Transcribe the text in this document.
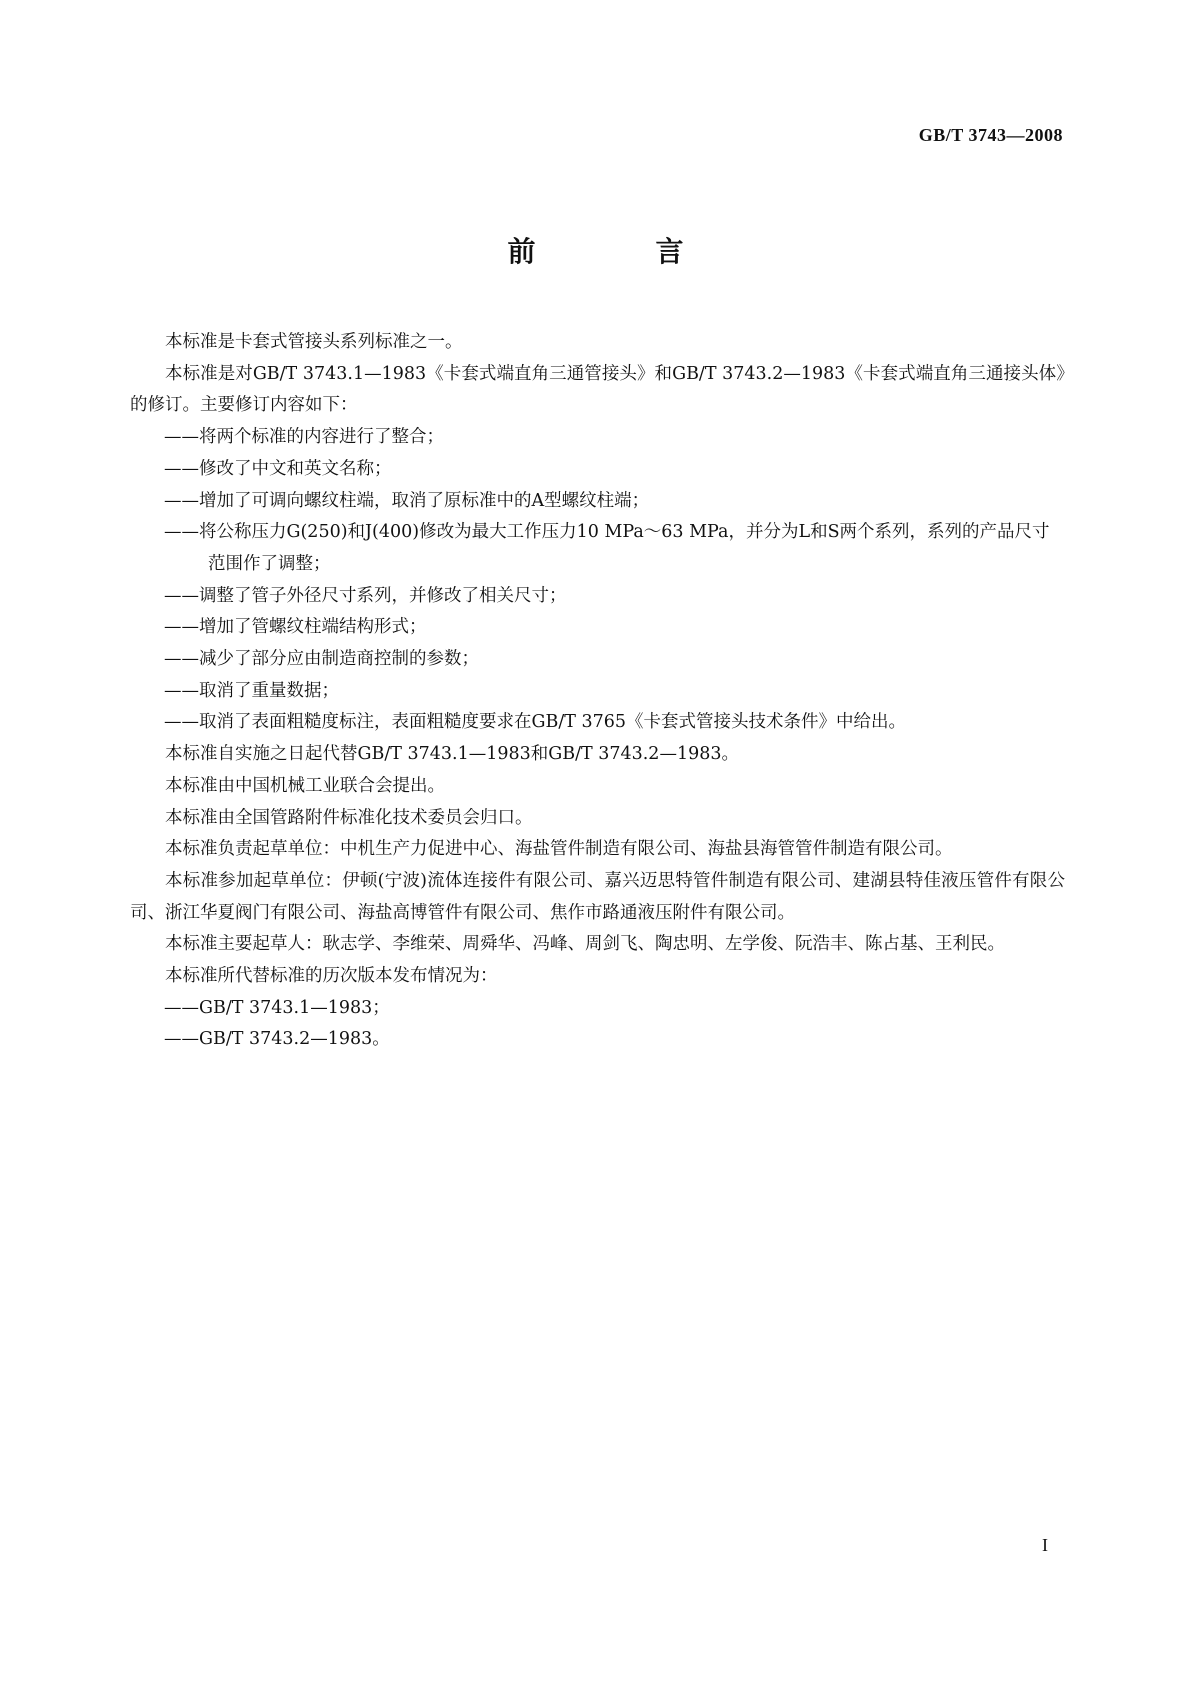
GB/T 3743—2008
前　言

本标准是卡套式管接头系列标准之一。

本标准是对GB/T 3743.1—1983《卡套式端直角三通管接头》和GB/T 3743.2—1983《卡套式端直角三通接头体》的修订。主要修订内容如下：

——将两个标准的内容进行了整合；

——修改了中文和英文名称；

——增加了可调向螺纹柱端，取消了原标准中的A型螺纹柱端；

——将公称压力G(250)和J(400)修改为最大工作压力10 MPa～63 MPa，并分为L和S两个系列，系列的产品尺寸范围作了调整；

——调整了管子外径尺寸系列，并修改了相关尺寸；

——增加了管螺纹柱端结构形式；

——减少了部分应由制造商控制的参数；

——取消了重量数据；

——取消了表面粗糙度标注，表面粗糙度要求在GB/T 3765《卡套式管接头技术条件》中给出。

本标准自实施之日起代替GB/T 3743.1—1983和GB/T 3743.2—1983。

本标准由中国机械工业联合会提出。

本标准由全国管路附件标准化技术委员会归口。

本标准负责起草单位：中机生产力促进中心、海盐管件制造有限公司、海盐县海管管件制造有限公司。

本标准参加起草单位：伊顿(宁波)流体连接件有限公司、嘉兴迈思特管件制造有限公司、建湖县特佳液压管件有限公司、浙江华夏阀门有限公司、海盐高博管件有限公司、焦作市路通液压附件有限公司。

本标准主要起草人：耿志学、李维荣、周舜华、冯峰、周剑飞、陶忠明、左学俊、阮浩丰、陈占基、王利民。

本标准所代替标准的历次版本发布情况为：

——GB/T 3743.1—1983；

——GB/T 3743.2—1983。

I
